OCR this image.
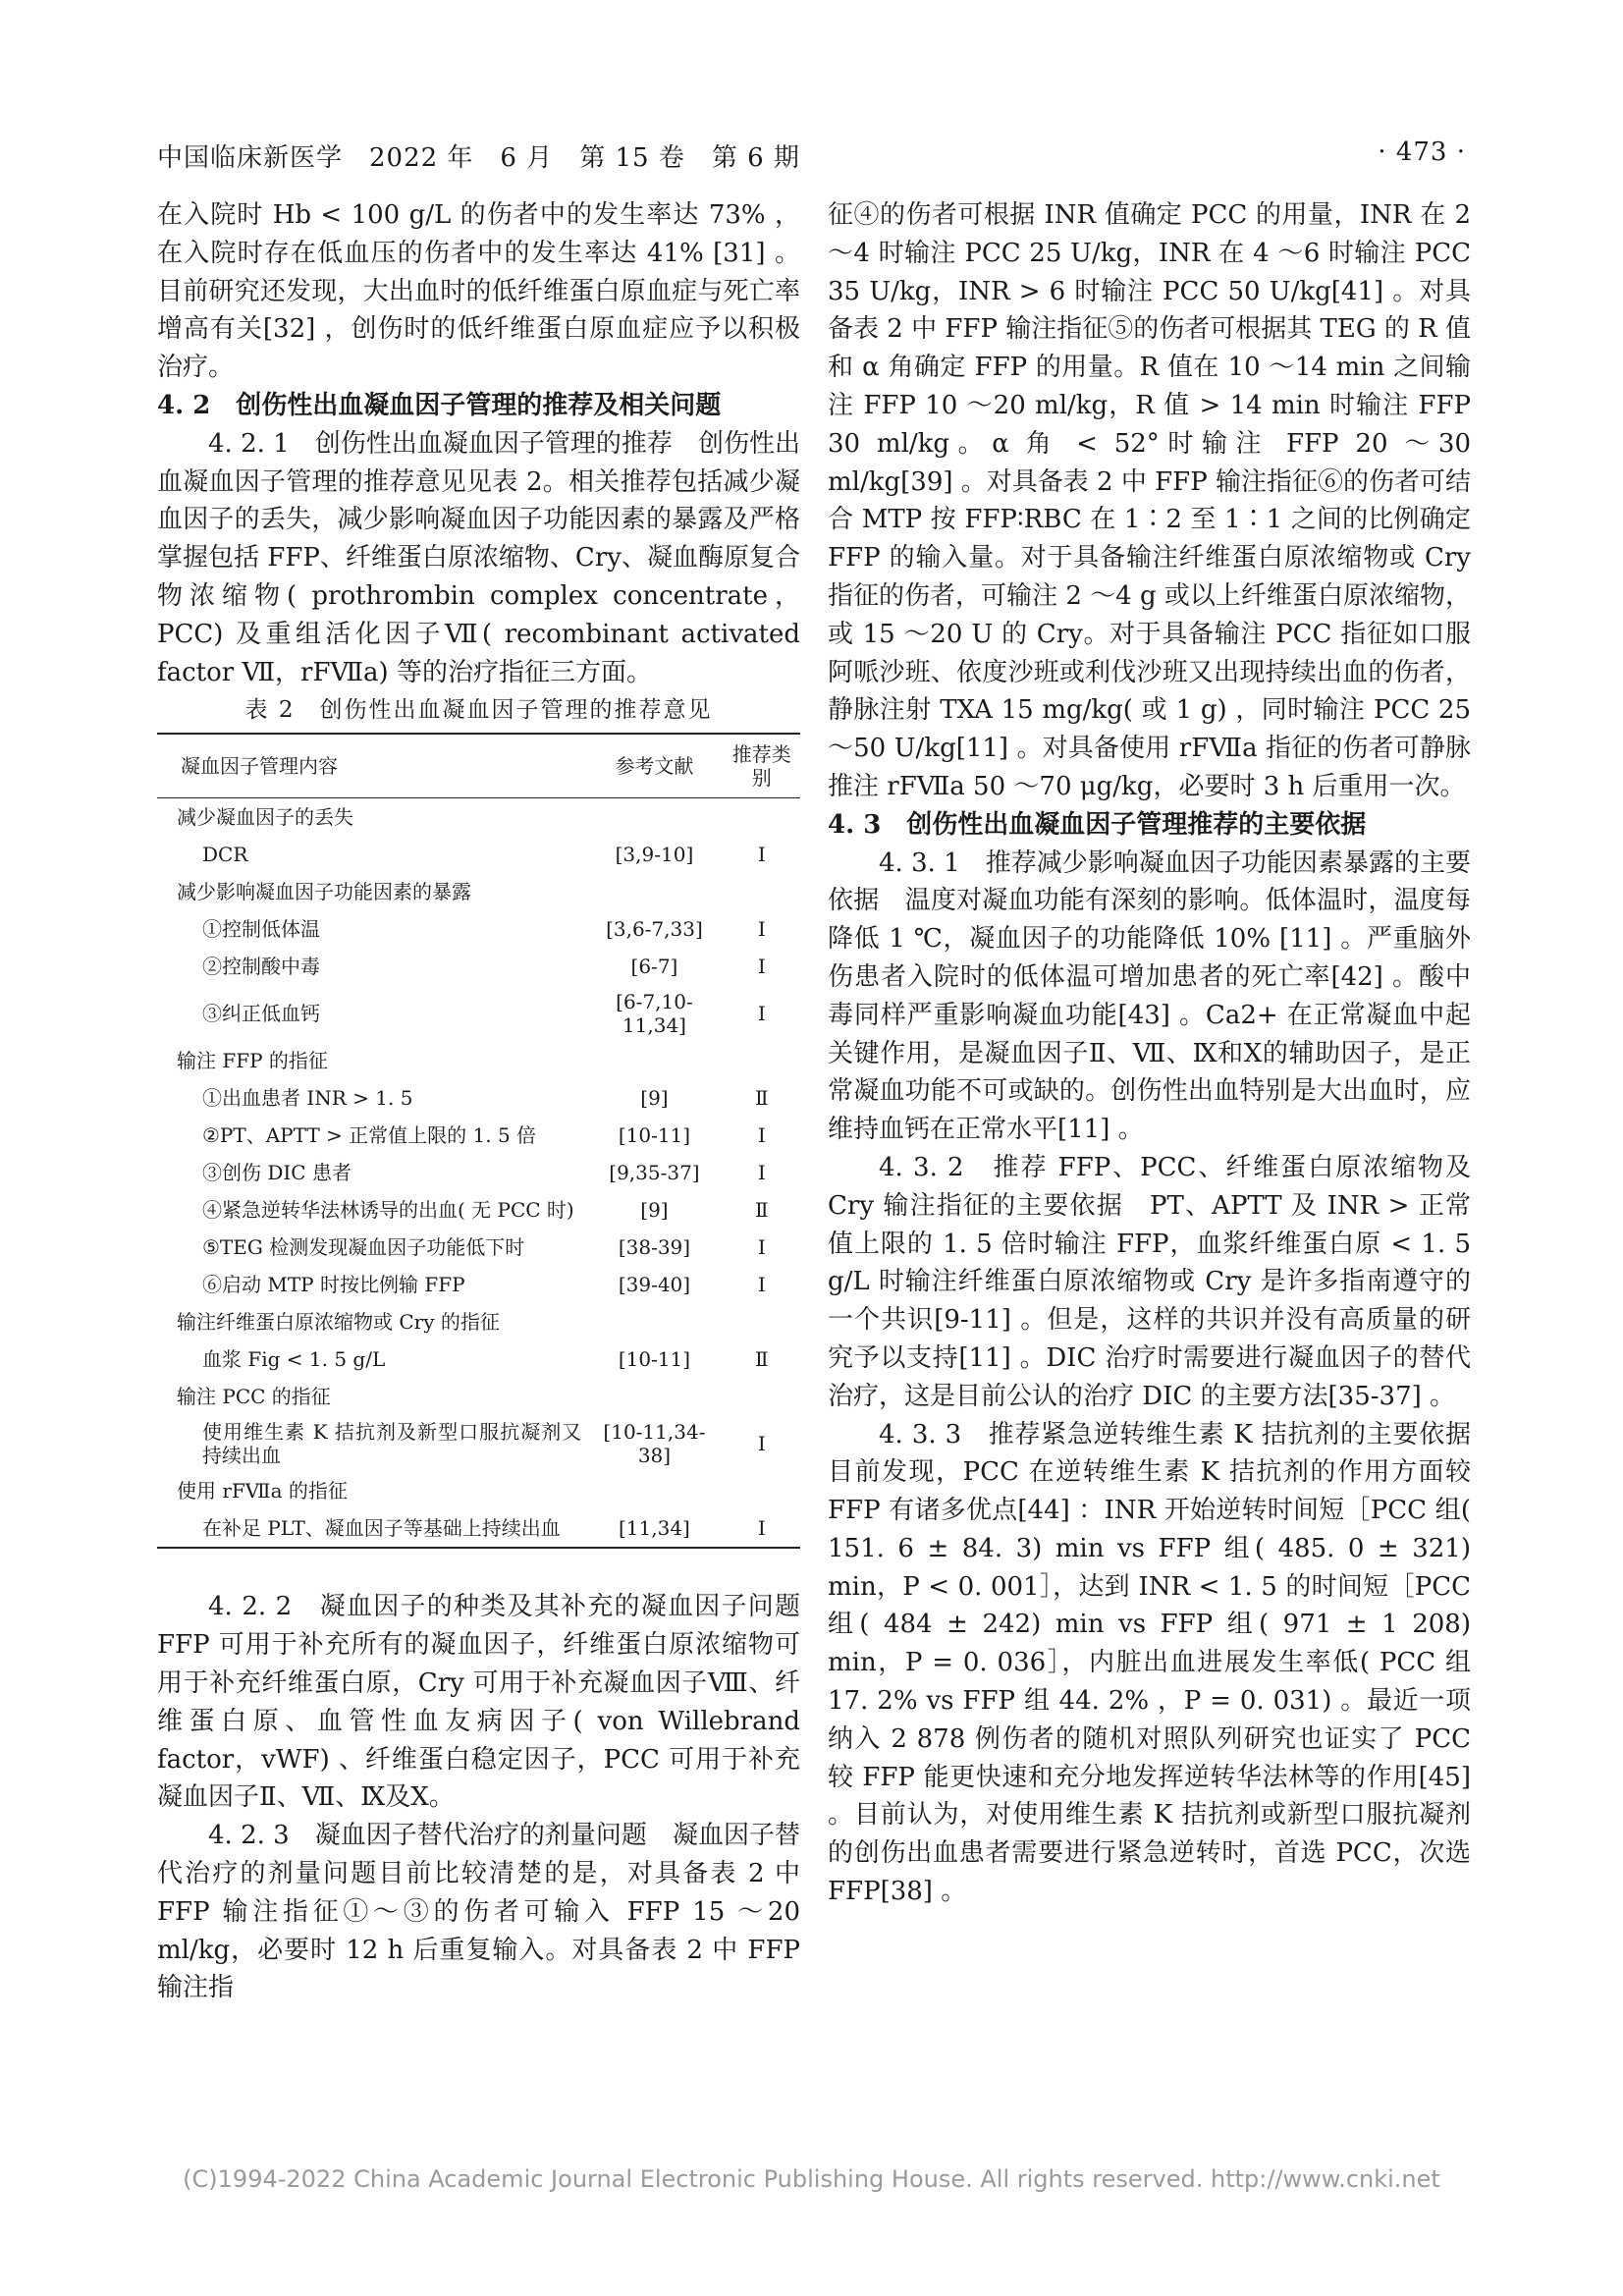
中国临床新医学　2022 年　6 月　第 15 卷　第 6 期	· 473 ·

在入院时 Hb < 100 g/L 的伤者中的发生率达 73% ，在入院时存在低血压的伤者中的发生率达 41% [31] 。目前研究还发现，大出血时的低纤维蛋白原血症与死亡率增高有关[32] ，创伤时的低纤维蛋白原血症应予以积极治疗。

4. 2　创伤性出血凝血因子管理的推荐及相关问题

4. 2. 1　创伤性出血凝血因子管理的推荐　创伤性出血凝血因子管理的推荐意见见表 2。相关推荐包括减少凝血因子的丢失，减少影响凝血因子功能因素的暴露及严格掌握包括 FFP、纤维蛋白原浓缩物、Cry、凝血酶原复合物浓缩物( prothrombin complex concentrate，PCC) 及重组活化因子Ⅶ( recombinant activated factor Ⅶ，rFⅦa) 等的治疗指征三方面。

表 2　创伤性出血凝血因子管理的推荐意见
凝血因子管理内容	参考文献	推荐类别
减少凝血因子的丢失		
DCR	[3,9-10]	Ⅰ
减少影响凝血因子功能因素的暴露		
①控制低体温	[3,6-7,33]	Ⅰ
②控制酸中毒	[6-7]	Ⅰ
③纠正低血钙	[6-7,10-11,34]	Ⅰ
输注 FFP 的指征		
①出血患者 INR > 1. 5	[9]	Ⅱ
②PT、APTT > 正常值上限的 1. 5 倍	[10-11]	Ⅰ
③创伤 DIC 患者	[9,35-37]	Ⅰ
④紧急逆转华法林诱导的出血( 无 PCC 时)	[9]	Ⅱ
⑤TEG 检测发现凝血因子功能低下时	[38-39]	Ⅰ
⑥启动 MTP 时按比例输 FFP	[39-40]	Ⅰ
输注纤维蛋白原浓缩物或 Cry 的指征		
血浆 Fig < 1. 5 g/L	[10-11]	Ⅱ
输注 PCC 的指征		
使用维生素 K 拮抗剂及新型口服抗凝剂又持续出血	[10-11,34-38]	Ⅰ
使用 rFⅦa 的指征		
在补足 PLT、凝血因子等基础上持续出血	[11,34]	Ⅰ

4. 2. 2　凝血因子的种类及其补充的凝血因子问题　FFP 可用于补充所有的凝血因子，纤维蛋白原浓缩物可用于补充纤维蛋白原，Cry 可用于补充凝血因子Ⅷ、纤维蛋白原、血管性血友病因子( von Willebrand factor，vWF) 、纤维蛋白稳定因子，PCC 可用于补充凝血因子Ⅱ、Ⅶ、Ⅸ及Ⅹ。

4. 2. 3　凝血因子替代治疗的剂量问题　凝血因子替代治疗的剂量问题目前比较清楚的是，对具备表 2 中 FFP 输注指征①～③的伤者可输入 FFP 15 ～20 ml/kg，必要时 12 h 后重复输入。对具备表 2 中 FFP 输注指

征④的伤者可根据 INR 值确定 PCC 的用量，INR 在 2 ～4 时输注 PCC 25 U/kg，INR 在 4 ～6 时输注 PCC 35 U/kg，INR > 6 时输注 PCC 50 U/kg[41] 。对具备表 2 中 FFP 输注指征⑤的伤者可根据其 TEG 的 R 值和 α 角确定 FFP 的用量。R 值在 10 ～14 min 之间输注 FFP 10 ～20 ml/kg，R 值 > 14 min 时输注 FFP 30 ml/kg。α 角 < 52°时输注 FFP 20 ～30 ml/kg[39] 。对具备表 2 中 FFP 输注指征⑥的伤者可结合 MTP 按 FFP∶RBC 在 1∶2 至 1∶1 之间的比例确定 FFP 的输入量。对于具备输注纤维蛋白原浓缩物或 Cry 指征的伤者，可输注 2 ～4 g 或以上纤维蛋白原浓缩物，或 15 ～20 U 的 Cry。对于具备输注 PCC 指征如口服阿哌沙班、依度沙班或利伐沙班又出现持续出血的伤者，静脉注射 TXA 15 mg/kg( 或 1 g) ，同时输注 PCC 25 ～50 U/kg[11] 。对具备使用 rFⅦa 指征的伤者可静脉推注 rFⅦa 50 ～70 μg/kg，必要时 3 h 后重用一次。

4. 3　创伤性出血凝血因子管理推荐的主要依据

4. 3. 1　推荐减少影响凝血因子功能因素暴露的主要依据　温度对凝血功能有深刻的影响。低体温时，温度每降低 1 ℃，凝血因子的功能降低 10% [11] 。严重脑外伤患者入院时的低体温可增加患者的死亡率[42] 。酸中毒同样严重影响凝血功能[43] 。Ca2+ 在正常凝血中起关键作用，是凝血因子Ⅱ、Ⅶ、Ⅸ和Ⅹ的辅助因子，是正常凝血功能不可或缺的。创伤性出血特别是大出血时，应维持血钙在正常水平[11] 。

4. 3. 2　推荐 FFP、PCC、纤维蛋白原浓缩物及 Cry 输注指征的主要依据　PT、APTT 及 INR > 正常值上限的 1. 5 倍时输注 FFP，血浆纤维蛋白原 < 1. 5 g/L 时输注纤维蛋白原浓缩物或 Cry 是许多指南遵守的一个共识[9-11] 。但是，这样的共识并没有高质量的研究予以支持[11] 。DIC 治疗时需要进行凝血因子的替代治疗，这是目前公认的治疗 DIC 的主要方法[35-37] 。

4. 3. 3　推荐紧急逆转维生素 K 拮抗剂的主要依据　目前发现，PCC 在逆转维生素 K 拮抗剂的作用方面较 FFP 有诸多优点[44] ：INR 开始逆转时间短［PCC 组( 151. 6 ± 84. 3) min vs FFP 组( 485. 0 ± 321) min，P < 0. 001］，达到 INR < 1. 5 的时间短［PCC 组( 484 ± 242) min vs FFP 组( 971 ± 1 208) min，P = 0. 036］，内脏出血进展发生率低( PCC 组 17. 2% vs FFP 组 44. 2% ，P = 0. 031) 。最近一项纳入 2 878 例伤者的随机对照队列研究也证实了 PCC 较 FFP 能更快速和充分地发挥逆转华法林等的作用[45] 。目前认为，对使用维生素 K 拮抗剂或新型口服抗凝剂的创伤出血患者需要进行紧急逆转时，首选 PCC，次选 FFP[38] 。

(C)1994-2022 China Academic Journal Electronic Publishing House. All rights reserved. http://www.cnki.net
